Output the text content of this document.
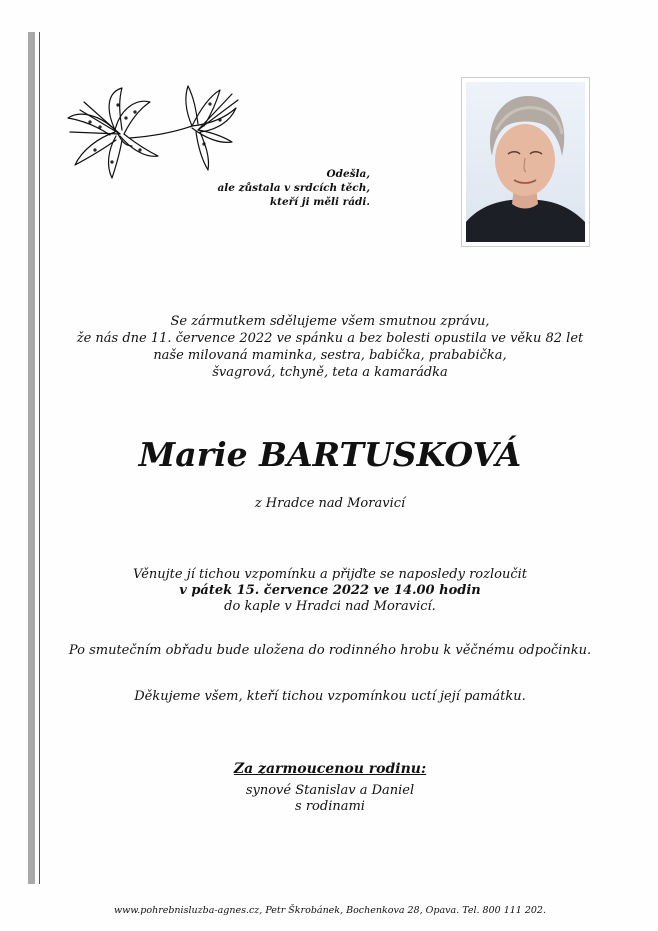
Odešla,
ale zůstala v srdcích těch,
kteří ji měli rádi.
Se zármutkem sdělujeme všem smutnou zprávu,
že nás dne 11. července 2022 ve spánku a bez bolesti opustila ve věku 82 let
naše milovaná maminka, sestra, babička, prababička,
švagrová, tchyně, teta a kamarádka
Marie BARTUSKOVÁ
z Hradce nad Moravicí
Věnujte jí tichou vzpomínku a přijďte se naposledy rozloučit
v pátek 15. července 2022 ve 14.00 hodin
do kaple v Hradci nad Moravicí.
Po smutečním obřadu bude uložena do rodinného hrobu k věčnému odpočinku.
Děkujeme všem, kteří tichou vzpomínkou uctí její památku.
Za zarmoucenou rodinu:
synové Stanislav a Daniel
s rodinami
www.pohrebnisluzba-agnes.cz, Petr Škrobánek, Bochenkova 28, Opava. Tel. 800 111 202.
